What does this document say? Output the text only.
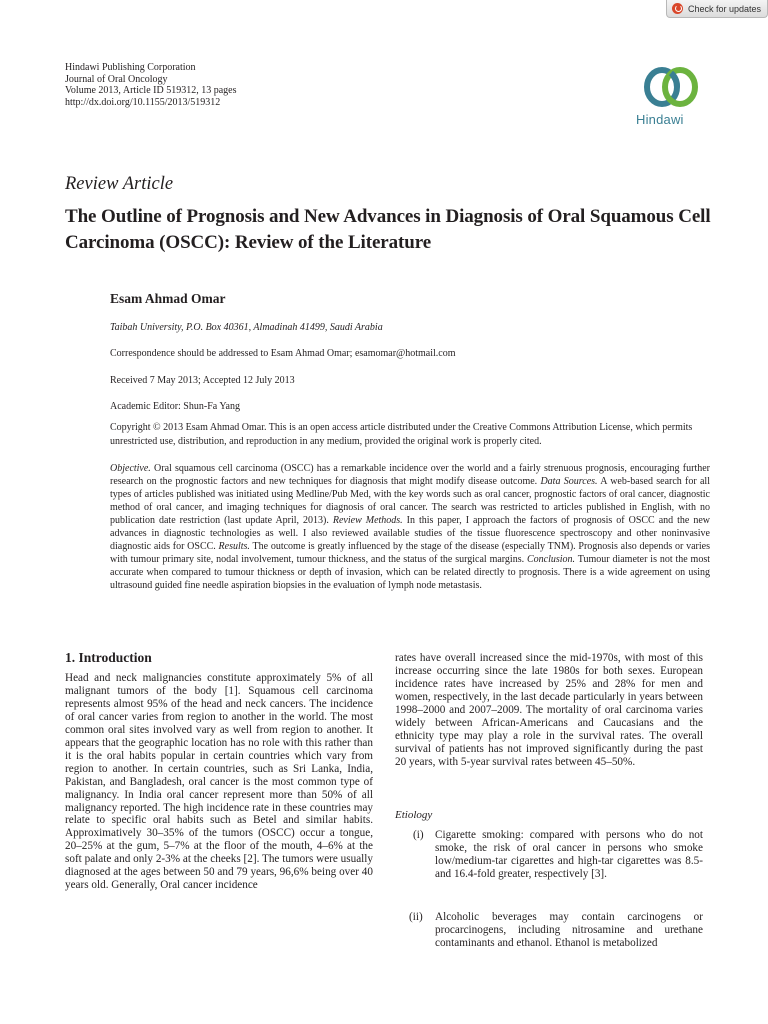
Check for updates
Hindawi Publishing Corporation
Journal of Oral Oncology
Volume 2013, Article ID 519312, 13 pages
http://dx.doi.org/10.1155/2013/519312
Hindawi
Review Article
The Outline of Prognosis and New Advances in Diagnosis of Oral Squamous Cell Carcinoma (OSCC): Review of the Literature
Esam Ahmad Omar
Taibah University, P.O. Box 40361, Almadinah 41499, Saudi Arabia
Correspondence should be addressed to Esam Ahmad Omar; esamomar@hotmail.com
Received 7 May 2013; Accepted 12 July 2013
Academic Editor: Shun-Fa Yang
Copyright © 2013 Esam Ahmad Omar. This is an open access article distributed under the Creative Commons Attribution License, which permits unrestricted use, distribution, and reproduction in any medium, provided the original work is properly cited.
Objective. Oral squamous cell carcinoma (OSCC) has a remarkable incidence over the world and a fairly strenuous prognosis, encouraging further research on the prognostic factors and new techniques for diagnosis that might modify disease outcome. Data Sources. A web-based search for all types of articles published was initiated using Medline/Pub Med, with the key words such as oral cancer, prognostic factors of oral cancer, diagnostic method of oral cancer, and imaging techniques for diagnosis of oral cancer. The search was restricted to articles published in English, with no publication date restriction (last update April, 2013). Review Methods. In this paper, I approach the factors of prognosis of OSCC and the new advances in diagnostic technologies as well. I also reviewed available studies of the tissue fluorescence spectroscopy and other noninvasive diagnostic aids for OSCC. Results. The outcome is greatly influenced by the stage of the disease (especially TNM). Prognosis also depends or varies with tumour primary site, nodal involvement, tumour thickness, and the status of the surgical margins. Conclusion. Tumour diameter is not the most accurate when compared to tumour thickness or depth of invasion, which can be related directly to prognosis. There is a wide agreement on using ultrasound guided fine needle aspiration biopsies in the evaluation of lymph node metastasis.
1. Introduction
Head and neck malignancies constitute approximately 5% of all malignant tumors of the body [1]. Squamous cell carcinoma represents almost 95% of the head and neck cancers. The incidence of oral cancer varies from region to another in the world. The most common oral sites involved vary as well from region to another. It appears that the geographic location has no role with this rather than it is the oral habits popular in certain countries which vary from region to another. In certain countries, such as Sri Lanka, India, Pakistan, and Bangladesh, oral cancer is the most common type of malignancy. In India oral cancer represent more than 50% of all malignancy reported. The high incidence rate in these countries may relate to specific oral habits such as Betel and similar habits. Approximatively 30–35% of the tumors (OSCC) occur a tongue, 20–25% at the gum, 5–7% at the floor of the mouth, 4–6% at the soft palate and only 2-3% at the cheeks [2]. The tumors were usually diagnosed at the ages between 50 and 79 years, 96,6% being over 40 years old. Generally, Oral cancer incidence
rates have overall increased since the mid-1970s, with most of this increase occurring since the late 1980s for both sexes. European incidence rates have increased by 25% and 28% for men and women, respectively, in the last decade particularly in years between 1998–2000 and 2007–2009. The mortality of oral carcinoma varies widely between African-Americans and Caucasians and the ethnicity type may play a role in the survival rates. The overall survival of patients has not improved significantly during the past 20 years, with 5-year survival rates between 45–50%.
Etiology
(i)	Cigarette smoking: compared with persons who do not smoke, the risk of oral cancer in persons who smoke low/medium-tar cigarettes and high-tar cigarettes was 8.5- and 16.4-fold greater, respectively [3].
(ii)	Alcoholic beverages may contain carcinogens or procarcinogens, including nitrosamine and urethane contaminants and ethanol. Ethanol is metabolized
